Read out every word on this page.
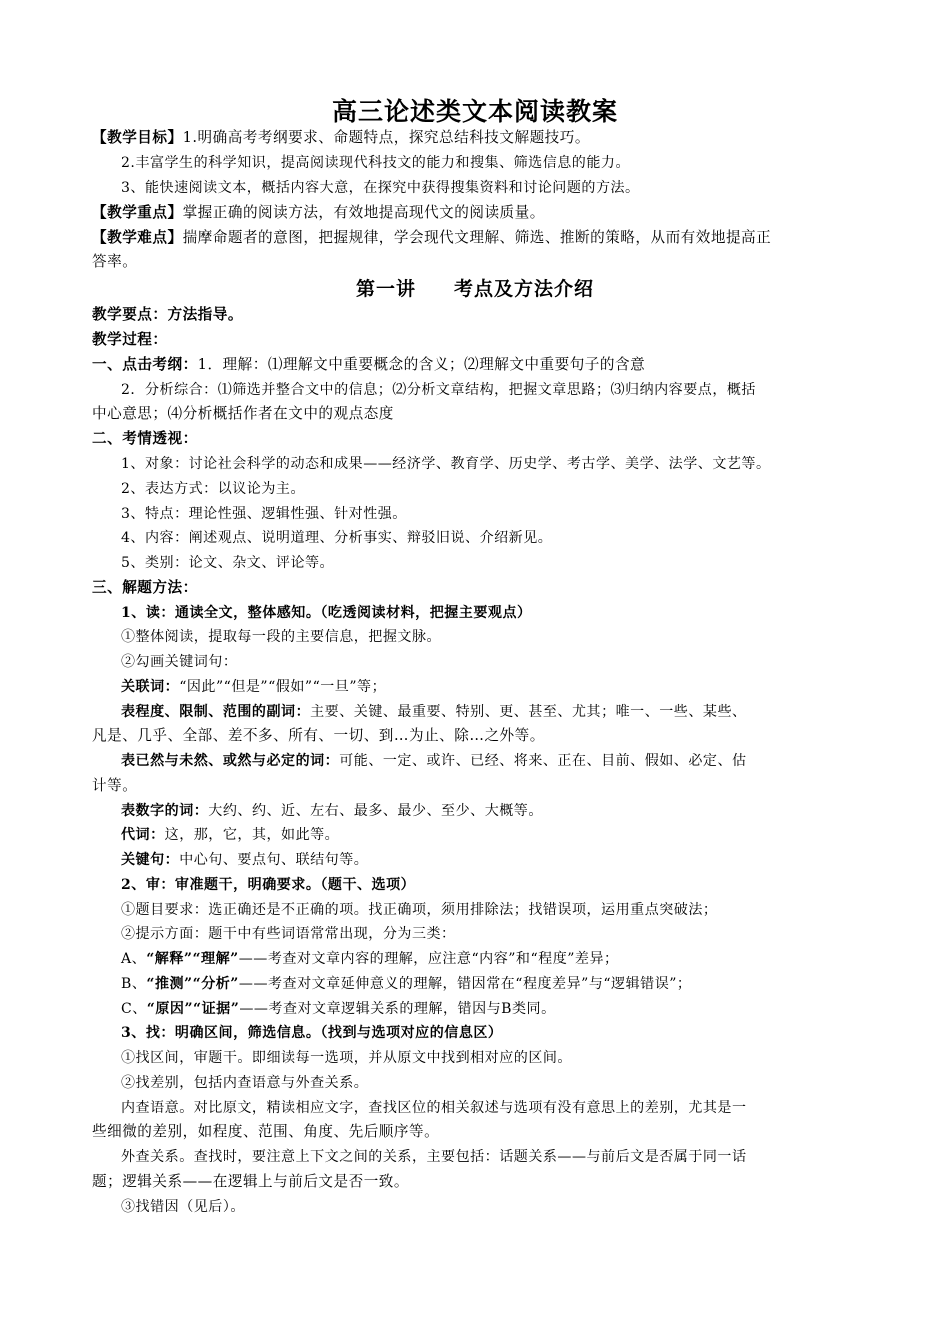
高三论述类文本阅读教案
【教学目标】1.明确高考考纲要求、命题特点，探究总结科技文解题技巧。
2.丰富学生的科学知识，提高阅读现代科技文的能力和搜集、筛选信息的能力。
3、能快速阅读文本，概括内容大意，在探究中获得搜集资料和讨论问题的方法。
【教学重点】掌握正确的阅读方法，有效地提高现代文的阅读质量。
【教学难点】揣摩命题者的意图，把握规律，学会现代文理解、筛选、推断的策略，从而有效地提高正
答率。
第一讲 考点及方法介绍
教学要点：方法指导。
教学过程：
一、点击考纲：1．理解：⑴理解文中重要概念的含义；⑵理解文中重要句子的含意
2．分析综合：⑴筛选并整合文中的信息；⑵分析文章结构，把握文章思路；⑶归纳内容要点，概括
中心意思；⑷分析概括作者在文中的观点态度
二、考情透视：
1、对象：讨论社会科学的动态和成果——经济学、教育学、历史学、考古学、美学、法学、文艺等。
2、表达方式：以议论为主。
3、特点：理论性强、逻辑性强、针对性强。
4、内容：阐述观点、说明道理、分析事实、辩驳旧说、介绍新见。
5、类别：论文、杂文、评论等。
三、解题方法：
1、读：通读全文，整体感知。（吃透阅读材料，把握主要观点）
①整体阅读，提取每一段的主要信息，把握文脉。
②勾画关键词句：
关联词：“因此”“但是”“假如”“一旦”等；
表程度、限制、范围的副词：主要、关键、最重要、特别、更、甚至、尤其；唯一、一些、某些、
凡是、几乎、全部、差不多、所有、一切、到…为止、除…之外等。
表已然与未然、或然与必定的词：可能、一定、或许、已经、将来、正在、目前、假如、必定、估
计等。
表数字的词：大约、约、近、左右、最多、最少、至少、大概等。
代词：这，那，它，其，如此等。
关键句：中心句、要点句、联结句等。
2、审：审准题干，明确要求。（题干、选项）
①题目要求：选正确还是不正确的项。找正确项，须用排除法；找错误项，运用重点突破法；
②提示方面：题干中有些词语常常出现，分为三类：
A、“解释”“理解”——考查对文章内容的理解，应注意“内容”和“程度”差异；
B、“推测”“分析”——考查对文章延伸意义的理解，错因常在“程度差异”与“逻辑错误”；
C、“原因”“证据”——考查对文章逻辑关系的理解，错因与B类同。
3、找：明确区间，筛选信息。（找到与选项对应的信息区）
①找区间，审题干。即细读每一选项，并从原文中找到相对应的区间。
②找差别，包括内查语意与外查关系。
内查语意。对比原文，精读相应文字，查找区位的相关叙述与选项有没有意思上的差别，尤其是一
些细微的差别，如程度、范围、角度、先后顺序等。
外查关系。查找时，要注意上下文之间的关系，主要包括：话题关系——与前后文是否属于同一话
题；逻辑关系——在逻辑上与前后文是否一致。
③找错因（见后）。
